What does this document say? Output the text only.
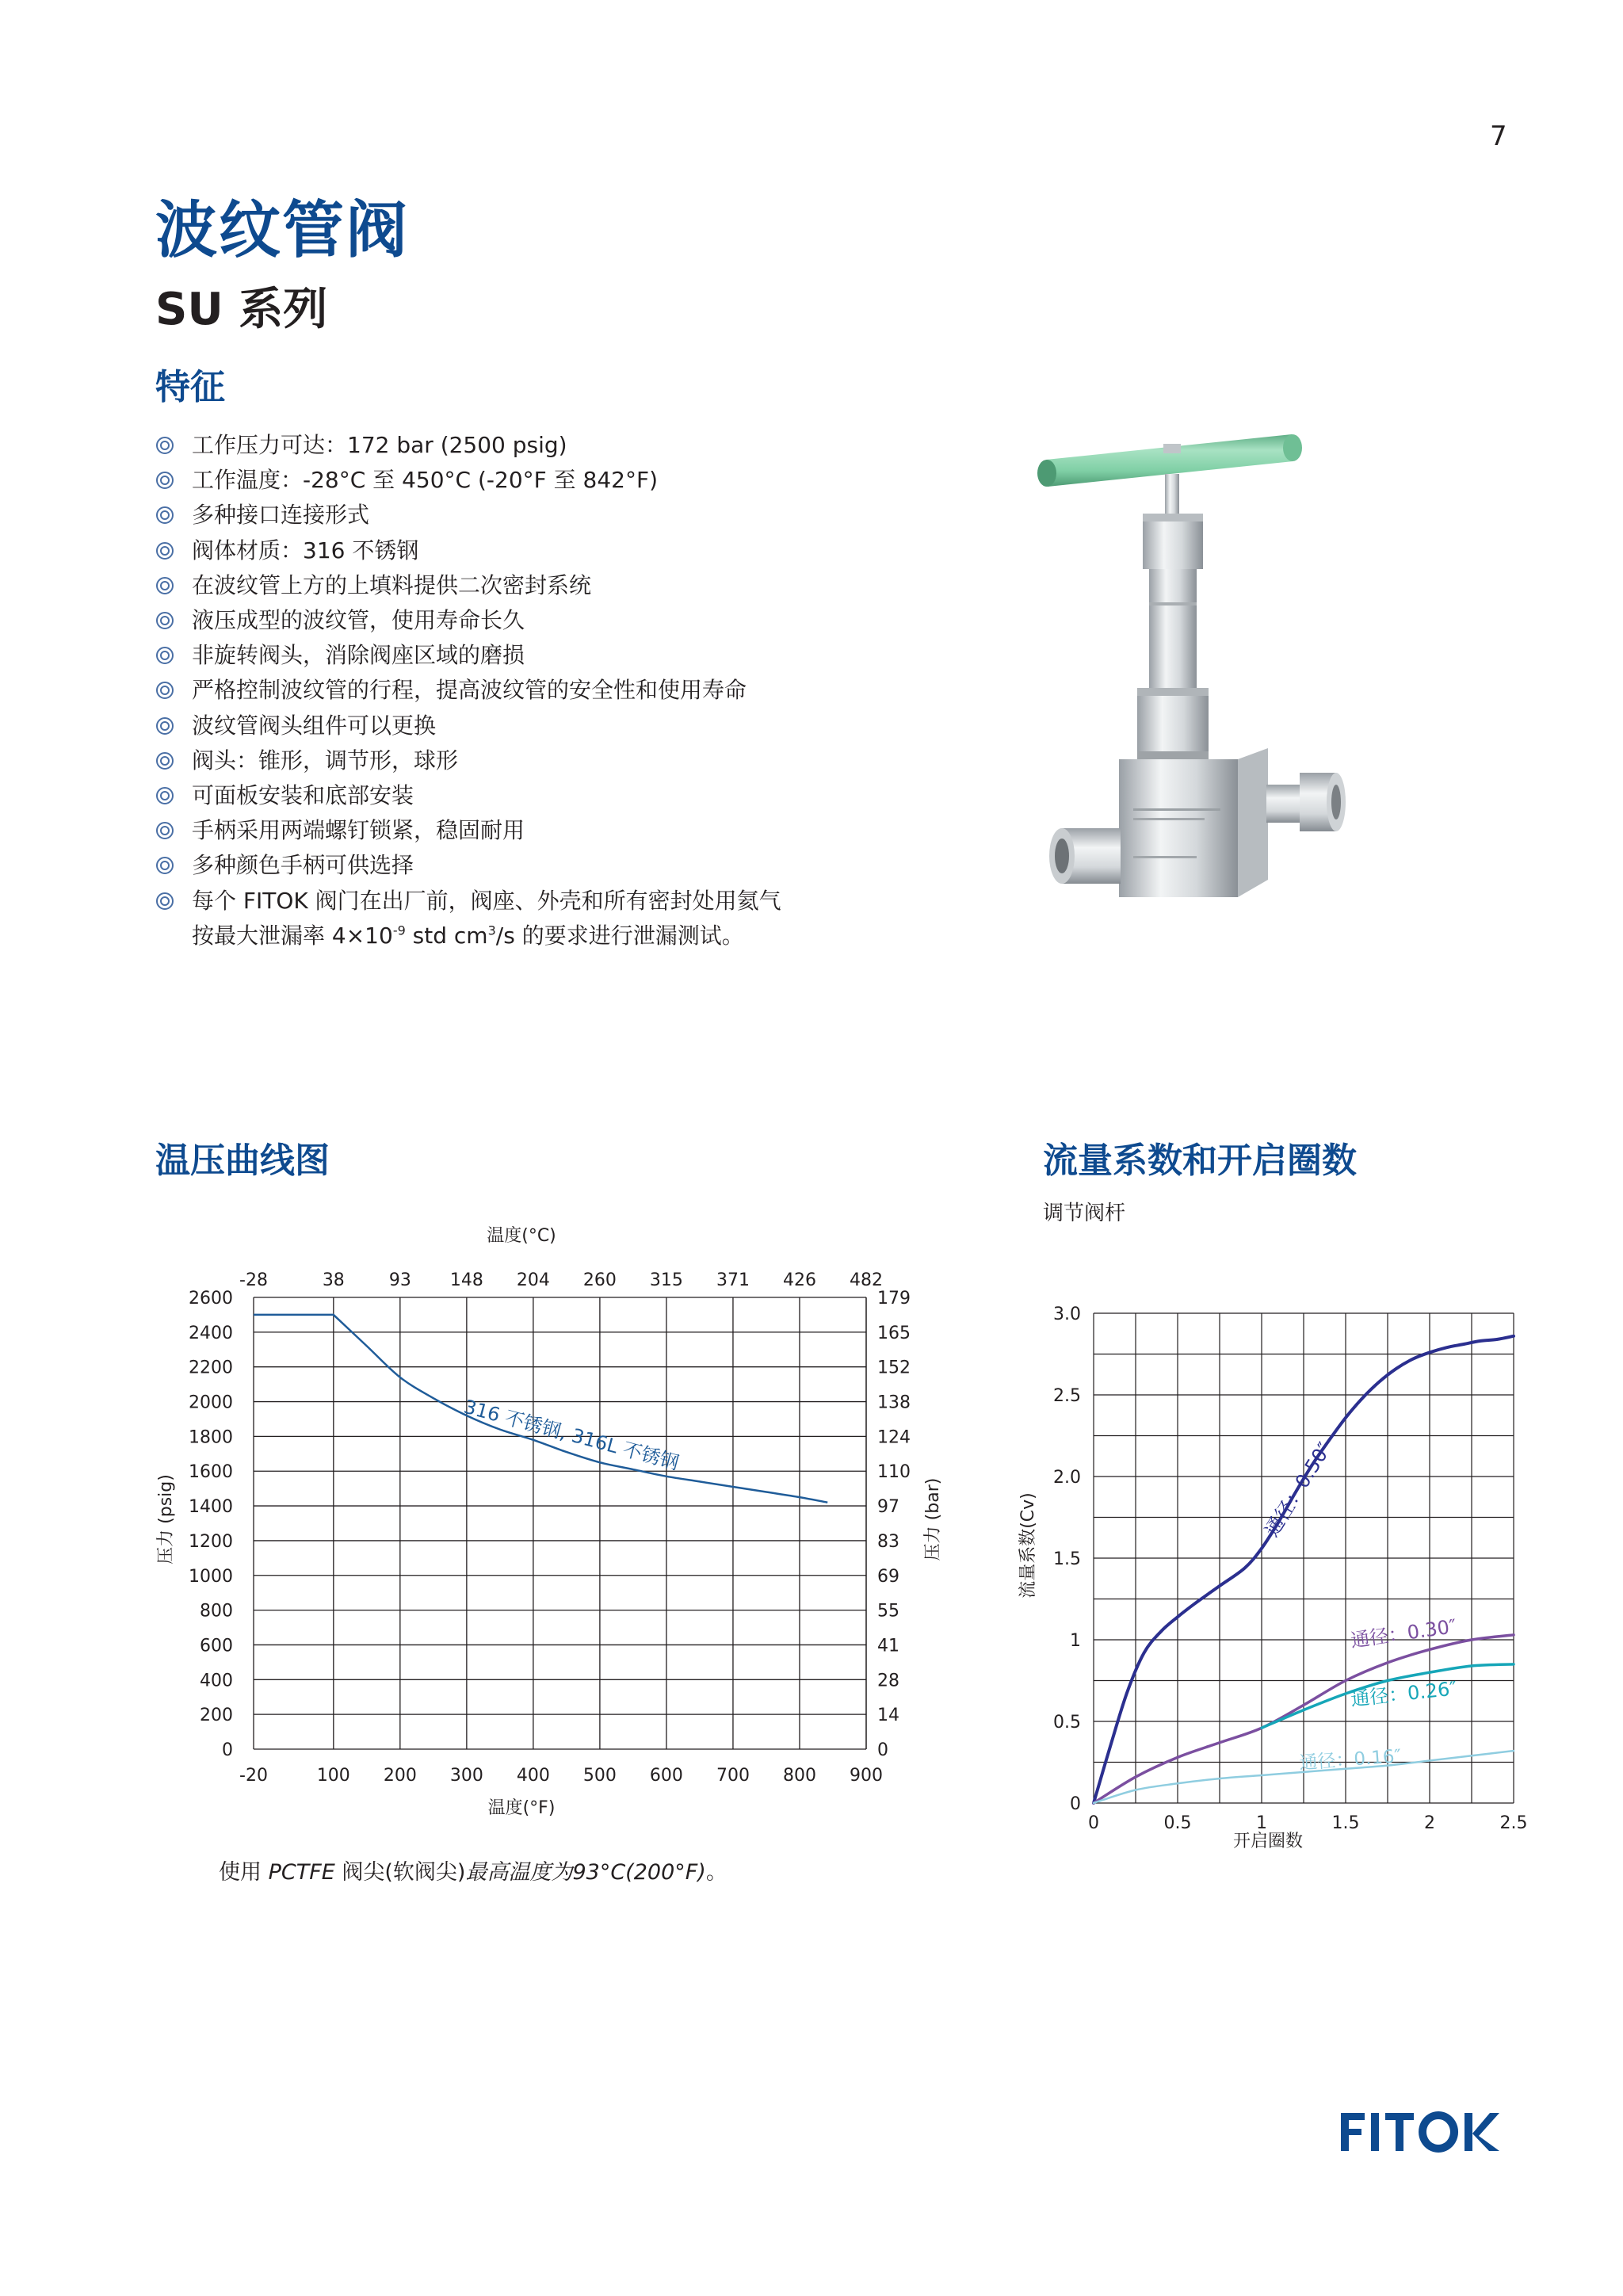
7
波纹管阀
SU 系列
特征
工作压力可达：172 bar (2500 psig)
工作温度：-28°C 至 450°C (-20°F 至 842°F)
多种接口连接形式
阀体材质：316 不锈钢
在波纹管上方的上填料提供二次密封系统
液压成型的波纹管，使用寿命长久
非旋转阀头，消除阀座区域的磨损
严格控制波纹管的行程，提高波纹管的安全性和使用寿命
波纹管阀头组件可以更换
阀头：锥形，调节形，球形
可面板安装和底部安装
手柄采用两端螺钉锁紧，稳固耐用
多种颜色手柄可供选择
每个 FITOK 阀门在出厂前，阀座、外壳和所有密封处用氦气
按最大泄漏率 $4\times 10^{-9}$ std $cm^3/s$ 的要求进行泄漏测试。
温压曲线图
-20	100 200 300 400 500 600 700 800 900
-28	38	93 148 204 260 315 371 426 482
0
200
400
600
800
1000
1200
1400
1600
1800
2000
2200
2400
2600
0
14
28
41
55
69
83
97
110
124
138
152
165
179
温度(°C)
温度(°F)
压力 (psig)	压力 (bar)
316 不锈钢, 316L 不锈钢
使用 PCTFE 阀尖(软阀尖)最高温度为93°C(200°F)。
流量系数和开启圈数
调节阀杆
0	0.5	1	1.5	2	2.5
0
0.5
1
1.5
2.0
2.5
3.0
开启圈数
流量系数(Cv)
通径：0.50″
通径：0.30″
通径：0.26″
通径：0.16″
